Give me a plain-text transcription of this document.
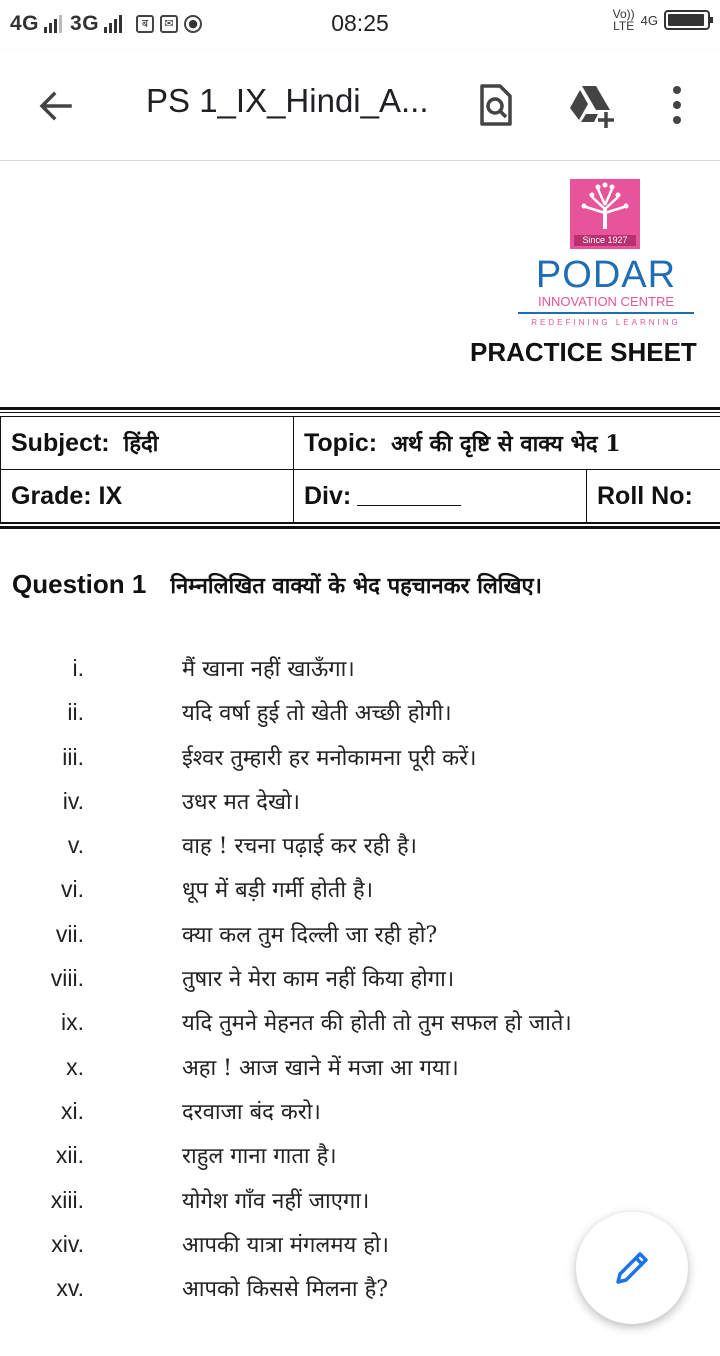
4G 3G	ब	✉	●	08:25	Vo))
LTE 4G
PS 1_IX_Hindi_A...
Since 1927
PODAR
INNOVATION CENTRE
REDEFINING LEARNING
PRACTICE SHEET
Subject: हिंदी	Topic: अर्थ की दृष्टि से वाक्य भेद 1	
Grade: IX	Div:	Roll No:
Question 1 निम्नलिखित वाक्यों के भेद पहचानकर लिखिए।
i.	मैं खाना नहीं खाऊँगा।
ii.	यदि वर्षा हुई तो खेती अच्छी होगी।
iii.	ईश्वर तुम्हारी हर मनोकामना पूरी करें।
iv.	उधर मत देखो।
v.	वाह ! रचना पढ़ाई कर रही है।
vi.	धूप में बड़ी गर्मी होती है।
vii.	क्या कल तुम दिल्ली जा रही हो?
viii.	तुषार ने मेरा काम नहीं किया होगा।
ix.	यदि तुमने मेहनत की होती तो तुम सफल हो जाते।
x.	अहा ! आज खाने में मजा आ गया।
xi.	दरवाजा बंद करो।
xii.	राहुल गाना गाता है।
xiii.	योगेश गाँव नहीं जाएगा।
xiv.	आपकी यात्रा मंगलमय हो।
xv.	आपको किससे मिलना है?
